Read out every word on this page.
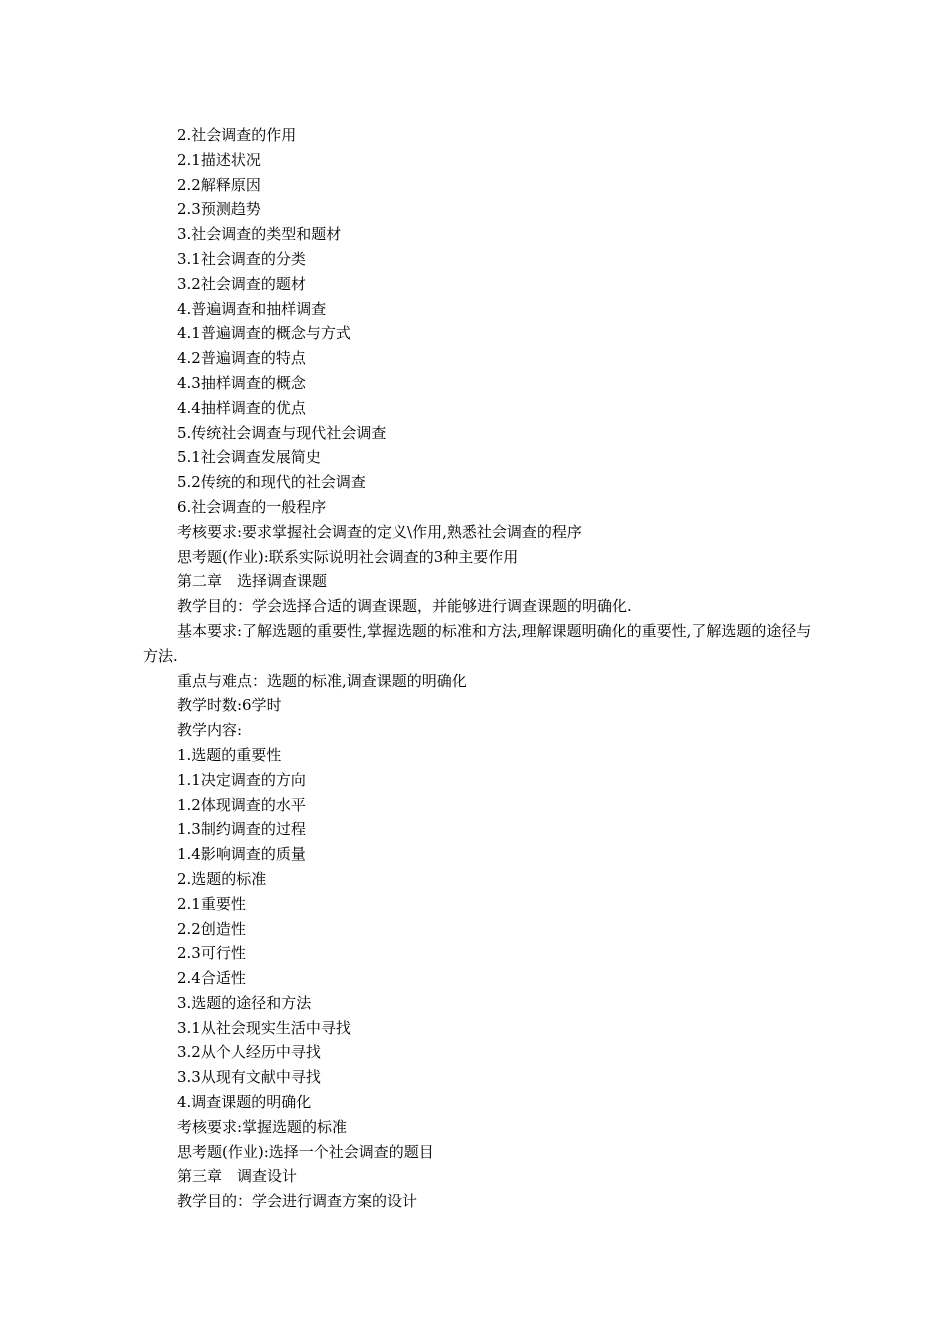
2.社会调查的作用
2.1描述状况
2.2解释原因
2.3预测趋势
3.社会调查的类型和题材
3.1社会调查的分类
3.2社会调查的题材
4.普遍调查和抽样调查
4.1普遍调查的概念与方式
4.2普遍调查的特点
4.3抽样调查的概念
4.4抽样调查的优点
5.传统社会调查与现代社会调查
5.1社会调查发展简史
5.2传统的和现代的社会调查
6.社会调查的一般程序
考核要求:要求掌握社会调查的定义\作用,熟悉社会调查的程序
思考题(作业):联系实际说明社会调查的3种主要作用
第二章　选择调查课题
教学目的：学会选择合适的调查课题，并能够进行调查课题的明确化.
基本要求:了解选题的重要性,掌握选题的标准和方法,理解课题明确化的重要性,了解选题的途径与方法.
重点与难点：选题的标准,调查课题的明确化
教学时数:6学时
教学内容:
1.选题的重要性
1.1决定调查的方向
1.2体现调查的水平
1.3制约调查的过程
1.4影响调查的质量
2.选题的标准
2.1重要性
2.2创造性
2.3可行性
2.4合适性
3.选题的途径和方法
3.1从社会现实生活中寻找
3.2从个人经历中寻找
3.3从现有文献中寻找
4.调查课题的明确化
考核要求:掌握选题的标准
思考题(作业):选择一个社会调查的题目
第三章　调查设计
教学目的：学会进行调查方案的设计
